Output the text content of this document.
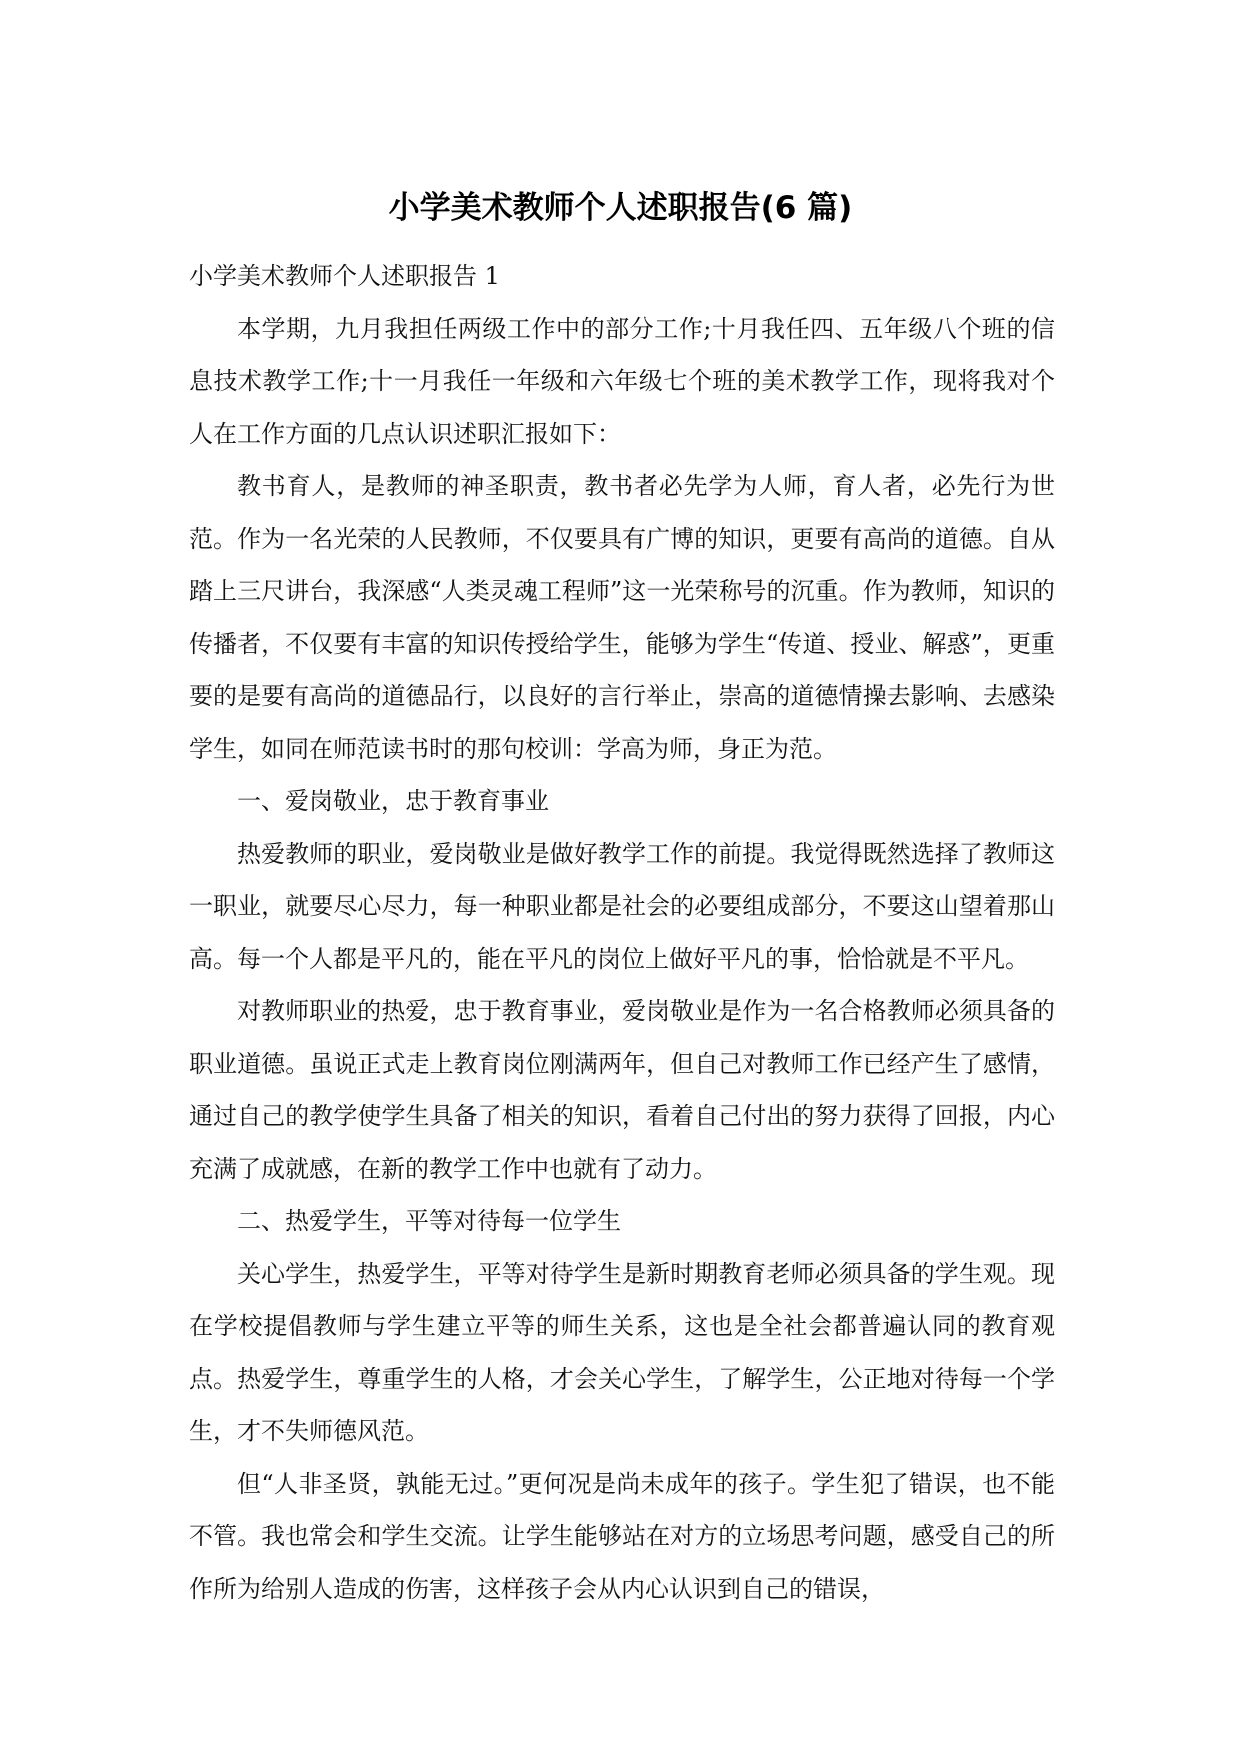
小学美术教师个人述职报告(6 篇)

小学美术教师个人述职报告 1

本学期，九月我担任两级工作中的部分工作;十月我任四、五年级八个班的信息技术教学工作;十一月我任一年级和六年级七个班的美术教学工作，现将我对个人在工作方面的几点认识述职汇报如下：

教书育人，是教师的神圣职责，教书者必先学为人师，育人者，必先行为世范。作为一名光荣的人民教师，不仅要具有广博的知识，更要有高尚的道德。自从踏上三尺讲台，我深感“人类灵魂工程师”这一光荣称号的沉重。作为教师，知识的传播者，不仅要有丰富的知识传授给学生，能够为学生“传道、授业、解惑”，更重要的是要有高尚的道德品行，以良好的言行举止，崇高的道德情操去影响、去感染学生，如同在师范读书时的那句校训：学高为师，身正为范。

一、爱岗敬业，忠于教育事业

热爱教师的职业，爱岗敬业是做好教学工作的前提。我觉得既然选择了教师这一职业，就要尽心尽力，每一种职业都是社会的必要组成部分，不要这山望着那山高。每一个人都是平凡的，能在平凡的岗位上做好平凡的事，恰恰就是不平凡。

对教师职业的热爱，忠于教育事业，爱岗敬业是作为一名合格教师必须具备的职业道德。虽说正式走上教育岗位刚满两年，但自己对教师工作已经产生了感情，通过自己的教学使学生具备了相关的知识，看着自己付出的努力获得了回报，内心充满了成就感，在新的教学工作中也就有了动力。

二、热爱学生，平等对待每一位学生

关心学生，热爱学生，平等对待学生是新时期教育老师必须具备的学生观。现在学校提倡教师与学生建立平等的师生关系，这也是全社会都普遍认同的教育观点。热爱学生，尊重学生的人格，才会关心学生，了解学生，公正地对待每一个学生，才不失师德风范。

但“人非圣贤，孰能无过。”更何况是尚未成年的孩子。学生犯了错误，也不能不管。我也常会和学生交流。让学生能够站在对方的立场思考问题，感受自己的所作所为给别人造成的伤害，这样孩子会从内心认识到自己的错误，
